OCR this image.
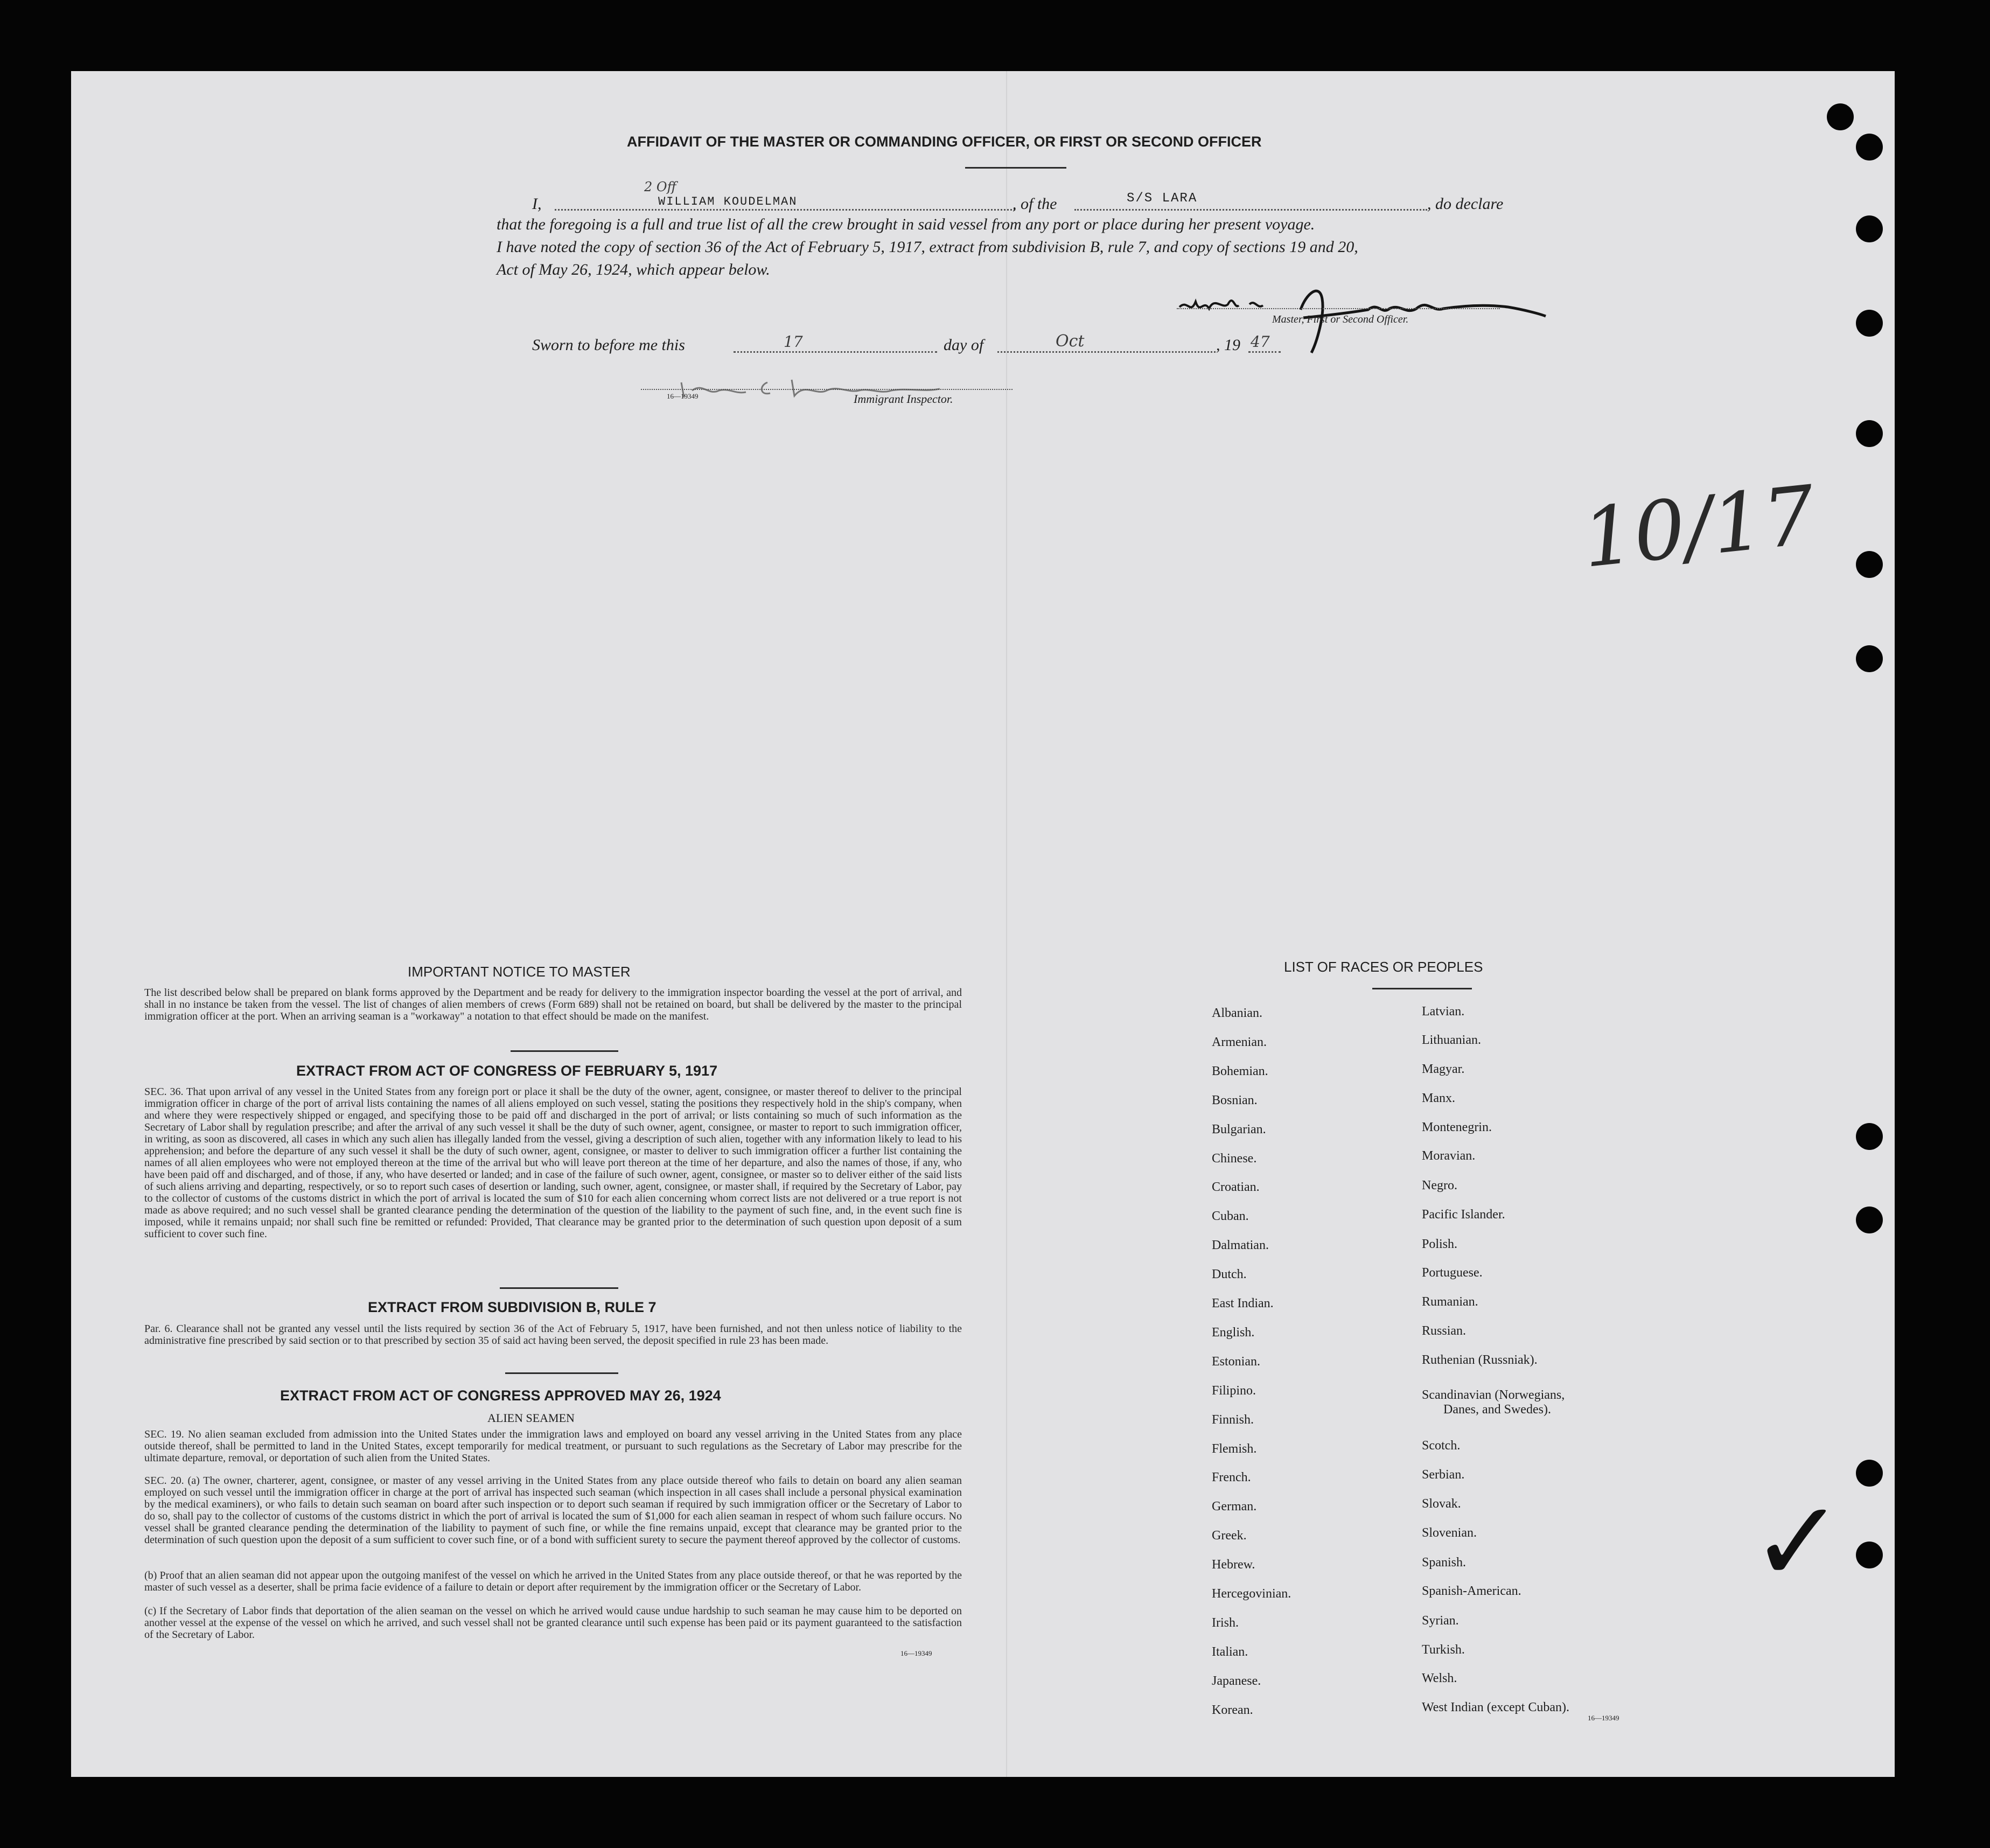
AFFIDAVIT OF THE MASTER OR COMMANDING OFFICER, OR FIRST OR SECOND OFFICER
I,
2 Off
WILLIAM KOUDELMAN	, of the	S/S LARA	, do declare
that the foregoing is a full and true list of all the crew brought in said vessel from any port or place during her present voyage.
I have noted the copy of section 36 of the Act of February 5, 1917, extract from subdivision B, rule 7, and copy of sections 19 and 20,
Act of May 26, 1924, which appear below.
Master, First or Second Officer.
Sworn to before me this	17	day of	Oct	, 19 47
16—19349	Immigrant Inspector.
10/17
✓
IMPORTANT NOTICE TO MASTER
The list described below shall be prepared on blank forms approved by the Department and be ready for delivery to the immigration inspector boarding the vessel at the port of arrival, and shall in no instance be taken from the vessel. The list of changes of alien members of crews (Form 689) shall not be retained on board, but shall be delivered by the master to the principal immigration officer at the port. When an arriving seaman is a "workaway" a notation to that effect should be made on the manifest.
EXTRACT FROM ACT OF CONGRESS OF FEBRUARY 5, 1917
SEC. 36. That upon arrival of any vessel in the United States from any foreign port or place it shall be the duty of the owner, agent, consignee, or master thereof to deliver to the principal immigration officer in charge of the port of arrival lists containing the names of all aliens employed on such vessel, stating the positions they respectively hold in the ship's company, when and where they were respectively shipped or engaged, and specifying those to be paid off and discharged in the port of arrival; or lists containing so much of such information as the Secretary of Labor shall by regulation prescribe; and after the arrival of any such vessel it shall be the duty of such owner, agent, consignee, or master to report to such immigration officer, in writing, as soon as discovered, all cases in which any such alien has illegally landed from the vessel, giving a description of such alien, together with any information likely to lead to his apprehension; and before the departure of any such vessel it shall be the duty of such owner, agent, consignee, or master to deliver to such immigration officer a further list containing the names of all alien employees who were not employed thereon at the time of the arrival but who will leave port thereon at the time of her departure, and also the names of those, if any, who have been paid off and discharged, and of those, if any, who have deserted or landed; and in case of the failure of such owner, agent, consignee, or master so to deliver either of the said lists of such aliens arriving and departing, respectively, or so to report such cases of desertion or landing, such owner, agent, consignee, or master shall, if required by the Secretary of Labor, pay to the collector of customs of the customs district in which the port of arrival is located the sum of $10 for each alien concerning whom correct lists are not delivered or a true report is not made as above required; and no such vessel shall be granted clearance pending the determination of the question of the liability to the payment of such fine, and, in the event such fine is imposed, while it remains unpaid; nor shall such fine be remitted or refunded: Provided, That clearance may be granted prior to the determination of such question upon deposit of a sum sufficient to cover such fine.
EXTRACT FROM SUBDIVISION B, RULE 7
Par. 6. Clearance shall not be granted any vessel until the lists required by section 36 of the Act of February 5, 1917, have been furnished, and not then unless notice of liability to the administrative fine prescribed by said section or to that prescribed by section 35 of said act having been served, the deposit specified in rule 23 has been made.
EXTRACT FROM ACT OF CONGRESS APPROVED MAY 26, 1924
ALIEN SEAMEN
SEC. 19. No alien seaman excluded from admission into the United States under the immigration laws and employed on board any vessel arriving in the United States from any place outside thereof, shall be permitted to land in the United States, except temporarily for medical treatment, or pursuant to such regulations as the Secretary of Labor may prescribe for the ultimate departure, removal, or deportation of such alien from the United States.
SEC. 20. (a) The owner, charterer, agent, consignee, or master of any vessel arriving in the United States from any place outside thereof who fails to detain on board any alien seaman employed on such vessel until the immigration officer in charge at the port of arrival has inspected such seaman (which inspection in all cases shall include a personal physical examination by the medical examiners), or who fails to detain such seaman on board after such inspection or to deport such seaman if required by such immigration officer or the Secretary of Labor to do so, shall pay to the collector of customs of the customs district in which the port of arrival is located the sum of $1,000 for each alien seaman in respect of whom such failure occurs. No vessel shall be granted clearance pending the determination of the liability to payment of such fine, or while the fine remains unpaid, except that clearance may be granted prior to the determination of such question upon the deposit of a sum sufficient to cover such fine, or of a bond with sufficient surety to secure the payment thereof approved by the collector of customs.
(b) Proof that an alien seaman did not appear upon the outgoing manifest of the vessel on which he arrived in the United States from any place outside thereof, or that he was reported by the master of such vessel as a deserter, shall be prima facie evidence of a failure to detain or deport after requirement by the immigration officer or the Secretary of Labor.
(c) If the Secretary of Labor finds that deportation of the alien seaman on the vessel on which he arrived would cause undue hardship to such seaman he may cause him to be deported on another vessel at the expense of the vessel on which he arrived, and such vessel shall not be granted clearance until such expense has been paid or its payment guaranteed to the satisfaction of the Secretary of Labor.
16—19349
LIST OF RACES OR PEOPLES
Albanian.
Armenian.
Bohemian.
Bosnian.
Bulgarian.
Chinese.
Croatian.
Cuban.
Dalmatian.
Dutch.
East Indian.
English.
Estonian.
Filipino.
Finnish.
Flemish.
French.
German.
Greek.
Hebrew.
Hercegovinian.
Irish.
Italian.
Japanese.
Korean.
Latvian.
Lithuanian.
Magyar.
Manx.
Montenegrin.
Moravian.
Negro.
Pacific Islander.
Polish.
Portuguese.
Rumanian.
Russian.
Ruthenian (Russniak).
Scandinavian (Norwegians,
Scotch.
Serbian.
Slovak.
Slovenian.
Spanish.
Spanish-American.
Syrian.
Turkish.
Welsh.
West Indian (except Cuban).
Danes, and Swedes).
16—19349
